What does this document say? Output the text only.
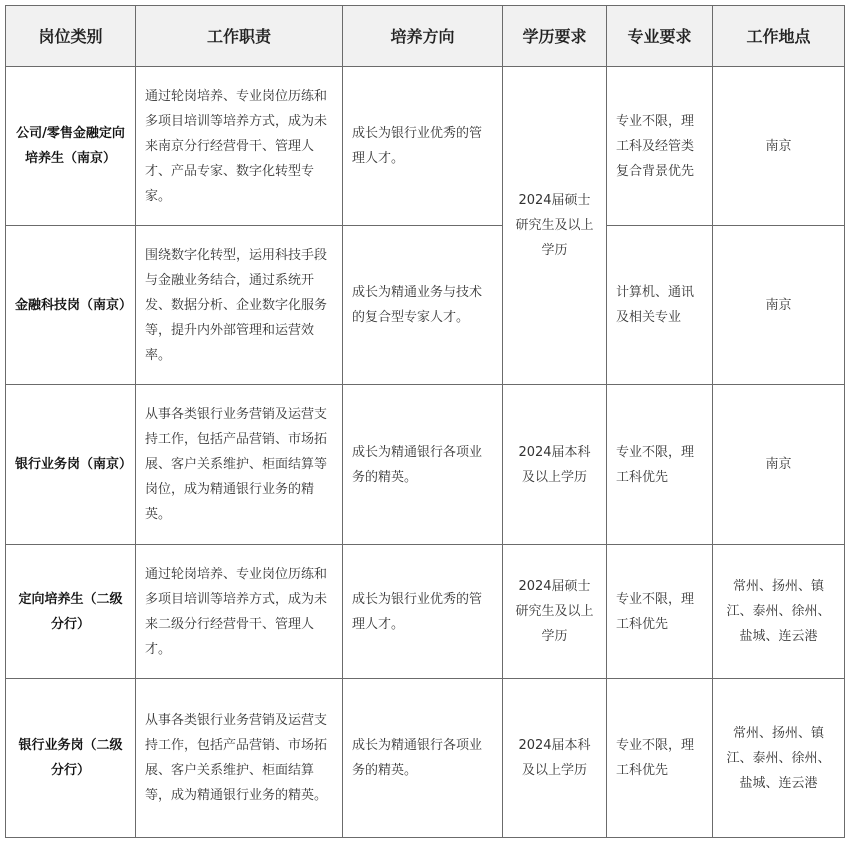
岗位类别	工作职责	培养方向	学历要求	专业要求	工作地点
公司/零售金融定向培养生（南京）	通过轮岗培养、专业岗位历练和多项目培训等培养方式，成为未来南京分行经营骨干、管理人才、产品专家、数字化转型专家。	成长为银行业优秀的管理人才。	2024届硕士研究生及以上学历	专业不限，理工科及经管类复合背景优先	南京
金融科技岗（南京）	围绕数字化转型，运用科技手段与金融业务结合，通过系统开发、数据分析、企业数字化服务等，提升内外部管理和运营效率。	成长为精通业务与技术的复合型专家人才。		计算机、通讯及相关专业	南京
银行业务岗（南京）	从事各类银行业务营销及运营支持工作，包括产品营销、市场拓展、客户关系维护、柜面结算等岗位，成为精通银行业务的精英。	成长为精通银行各项业务的精英。	2024届本科及以上学历	专业不限，理工科优先	南京
定向培养生（二级分行）	通过轮岗培养、专业岗位历练和多项目培训等培养方式，成为未来二级分行经营骨干、管理人才。	成长为银行业优秀的管理人才。	2024届硕士研究生及以上学历	专业不限，理工科优先	常州、扬州、镇江、泰州、徐州、盐城、连云港
银行业务岗（二级分行）	从事各类银行业务营销及运营支持工作，包括产品营销、市场拓展、客户关系维护、柜面结算等，成为精通银行业务的精英。	成长为精通银行各项业务的精英。	2024届本科及以上学历	专业不限，理工科优先	常州、扬州、镇江、泰州、徐州、盐城、连云港
